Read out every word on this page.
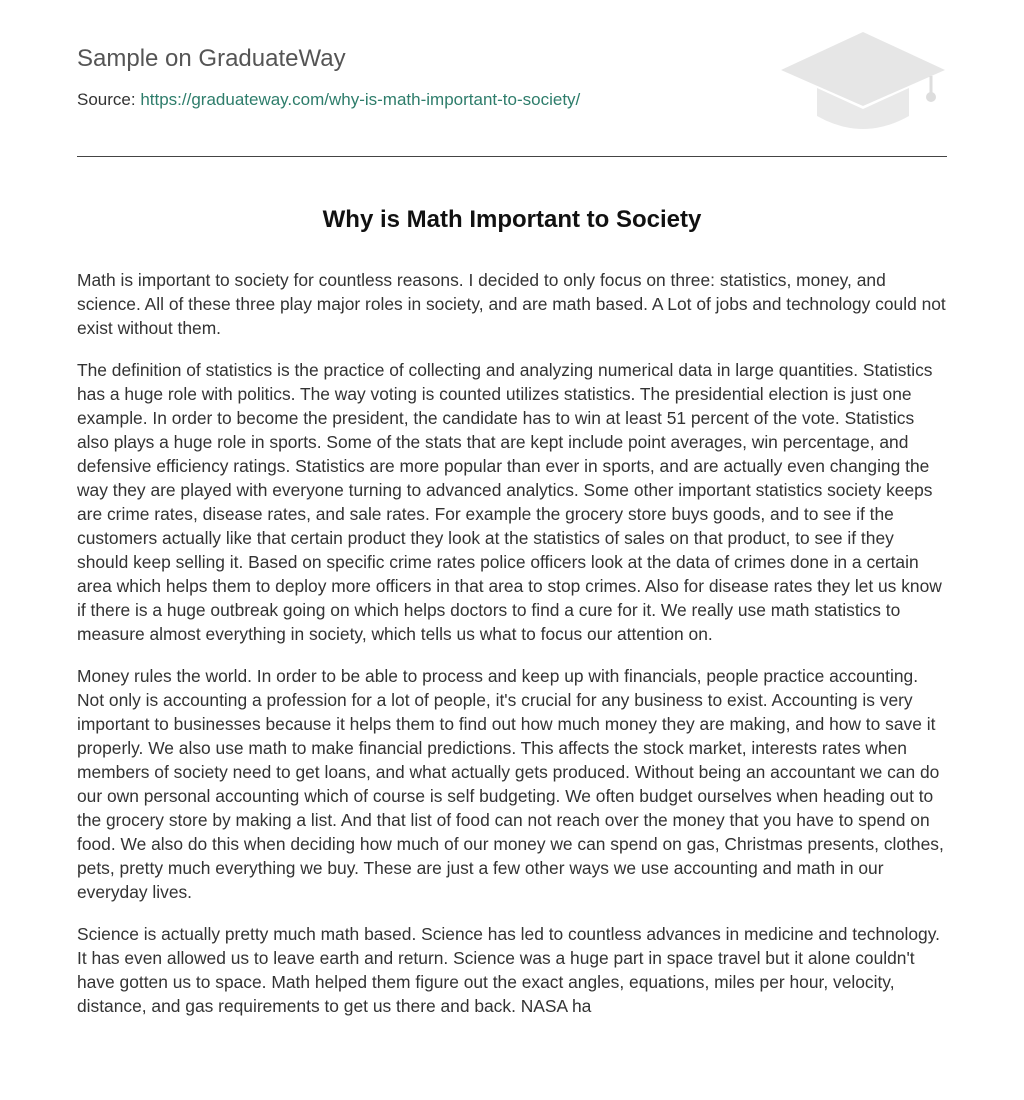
Sample on GraduateWay
Source: https://graduateway.com/why-is-math-important-to-society/
Why is Math Important to Society

Math is important to society for countless reasons. I decided to only focus on three: statistics, money, and science. All of these three play major roles in society, and are math based. A Lot of jobs and technology could not exist without them.

The definition of statistics is the practice of collecting and analyzing numerical data in large quantities. Statistics has a huge role with politics. The way voting is counted utilizes statistics. The presidential election is just one example. In order to become the president, the candidate has to win at least 51 percent of the vote. Statistics also plays a huge role in sports. Some of the stats that are kept include point averages, win percentage, and defensive efficiency ratings. Statistics are more popular than ever in sports, and are actually even changing the way they are played with everyone turning to advanced analytics. Some other important statistics society keeps are crime rates, disease rates, and sale rates. For example the grocery store buys goods, and to see if the customers actually like that certain product they look at the statistics of sales on that product, to see if they should keep selling it. Based on specific crime rates police officers look at the data of crimes done in a certain area which helps them to deploy more officers in that area to stop crimes. Also for disease rates they let us know if there is a huge outbreak going on which helps doctors to find a cure for it. We really use math statistics to measure almost everything in society, which tells us what to focus our attention on.

Money rules the world. In order to be able to process and keep up with financials, people practice accounting. Not only is accounting a profession for a lot of people, it's crucial for any business to exist. Accounting is very important to businesses because it helps them to find out how much money they are making, and how to save it properly. We also use math to make financial predictions. This affects the stock market, interests rates when members of society need to get loans, and what actually gets produced. Without being an accountant we can do our own personal accounting which of course is self budgeting. We often budget ourselves when heading out to the grocery store by making a list. And that list of food can not reach over the money that you have to spend on food. We also do this when deciding how much of our money we can spend on gas, Christmas presents, clothes, pets, pretty much everything we buy. These are just a few other ways we use accounting and math in our everyday lives.

Science is actually pretty much math based. Science has led to countless advances in medicine and technology. It has even allowed us to leave earth and return. Science was a huge part in space travel but it alone couldn't have gotten us to space. Math helped them figure out the exact angles, equations, miles per hour, velocity, distance, and gas requirements to get us there and back. NASA ha
